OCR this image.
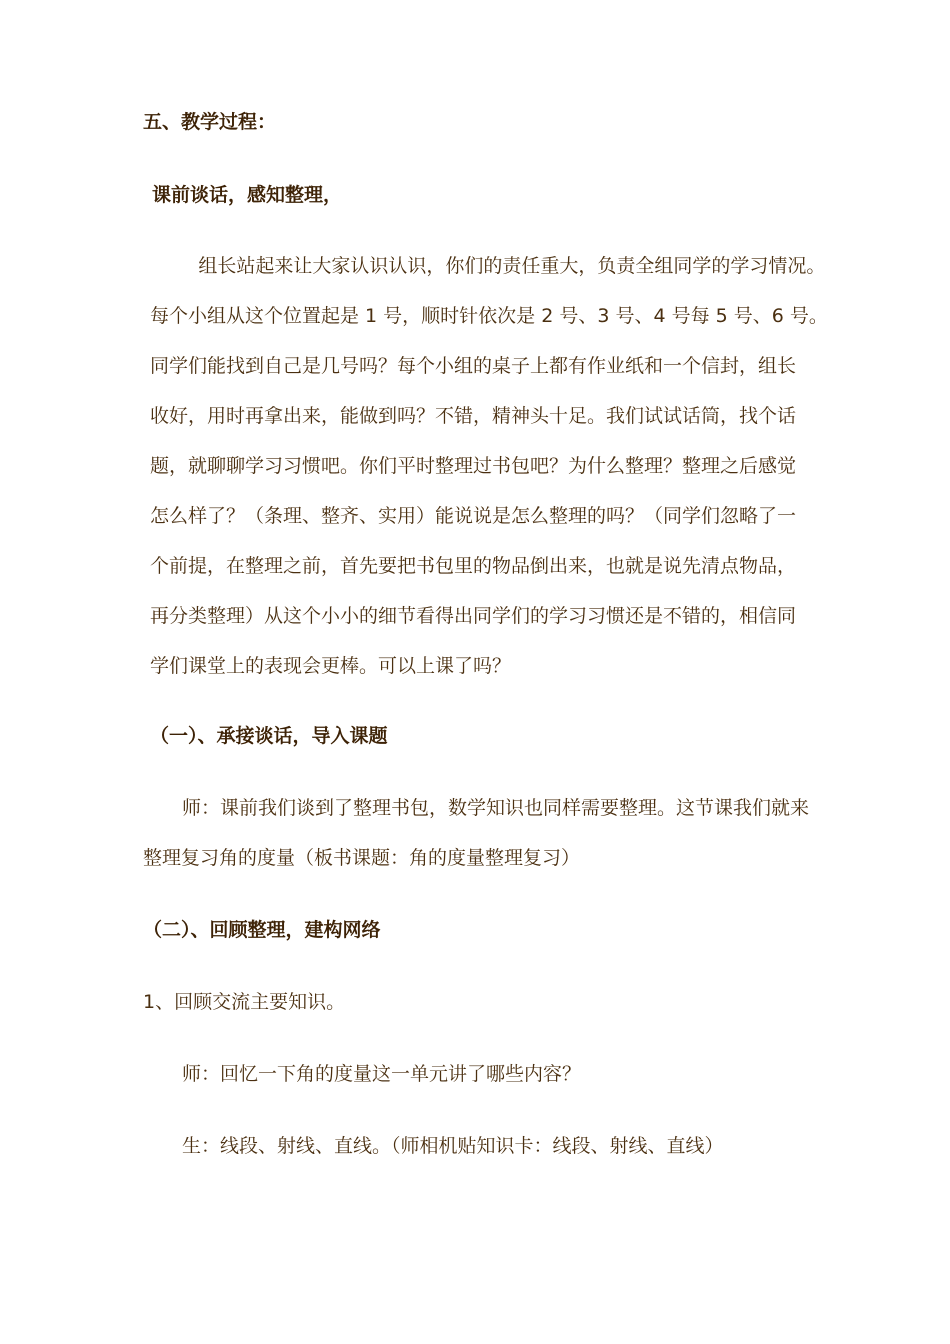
五、教学过程：
课前谈话，感知整理，
组长站起来让大家认识认识，你们的责任重大，负责全组同学的学习情况。
每个小组从这个位置起是 1 号，顺时针依次是 2 号、3 号、4 号每 5 号、6 号。
同学们能找到自己是几号吗？每个小组的桌子上都有作业纸和一个信封，组长
收好，用时再拿出来，能做到吗？不错，精神头十足。我们试试话筒，找个话
题，就聊聊学习习惯吧。你们平时整理过书包吧？为什么整理？整理之后感觉
怎么样了？（条理、整齐、实用）能说说是怎么整理的吗？（同学们忽略了一
个前提，在整理之前，首先要把书包里的物品倒出来，也就是说先清点物品，
再分类整理）从这个小小的细节看得出同学们的学习习惯还是不错的，相信同
学们课堂上的表现会更棒。可以上课了吗？
（一）、承接谈话，导入课题
师：课前我们谈到了整理书包，数学知识也同样需要整理。这节课我们就来
整理复习角的度量（板书课题：角的度量整理复习）
（二）、回顾整理，建构网络
1、回顾交流主要知识。
师：回忆一下角的度量这一单元讲了哪些内容？
生：线段、射线、直线。（师相机贴知识卡：线段、射线、直线）
